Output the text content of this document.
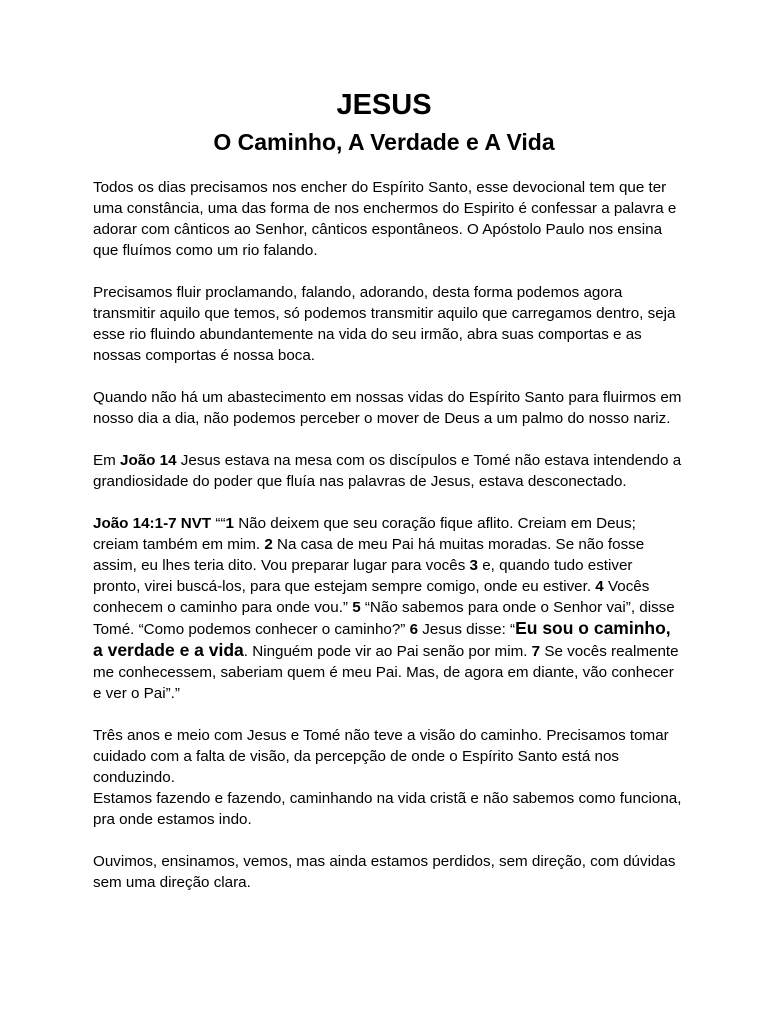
JESUS
O Caminho, A Verdade e A Vida

Todos os dias precisamos nos encher do Espírito Santo, esse devocional tem que ter uma constância, uma das forma de nos enchermos do Espirito é confessar a palavra e adorar com cânticos ao Senhor, cânticos espontâneos. O Apóstolo Paulo nos ensina que fluímos como um rio falando.

Precisamos fluir proclamando, falando, adorando, desta forma podemos agora transmitir aquilo que temos, só podemos transmitir aquilo que carregamos dentro, seja esse rio fluindo abundantemente na vida do seu irmão, abra suas comportas e as nossas comportas é nossa boca.

Quando não há um abastecimento em nossas vidas do Espírito Santo para fluirmos em nosso dia a dia, não podemos perceber o mover de Deus a um palmo do nosso nariz.

Em João 14 Jesus estava na mesa com os discípulos e Tomé não estava intendendo a grandiosidade do poder que fluía nas palavras de Jesus, estava desconectado.

João 14:1-7 NVT ““1 Não deixem que seu coração fique aflito. Creiam em Deus; creiam também em mim. 2 Na casa de meu Pai há muitas moradas. Se não fosse assim, eu lhes teria dito. Vou preparar lugar para vocês 3 e, quando tudo estiver pronto, virei buscá-los, para que estejam sempre comigo, onde eu estiver. 4 Vocês conhecem o caminho para onde vou.” 5 “Não sabemos para onde o Senhor vai”, disse Tomé. “Como podemos conhecer o caminho?” 6 Jesus disse: “Eu sou o caminho, a verdade e a vida. Ninguém pode vir ao Pai senão por mim. 7 Se vocês realmente me conhecessem, saberiam quem é meu Pai. Mas, de agora em diante, vão conhecer e ver o Pai”.”

Três anos e meio com Jesus e Tomé não teve a visão do caminho. Precisamos tomar cuidado com a falta de visão, da percepção de onde o Espírito Santo está nos conduzindo.

Estamos fazendo e fazendo, caminhando na vida cristã e não sabemos como funciona, pra onde estamos indo.

Ouvimos, ensinamos, vemos, mas ainda estamos perdidos, sem direção, com dúvidas sem uma direção clara.
